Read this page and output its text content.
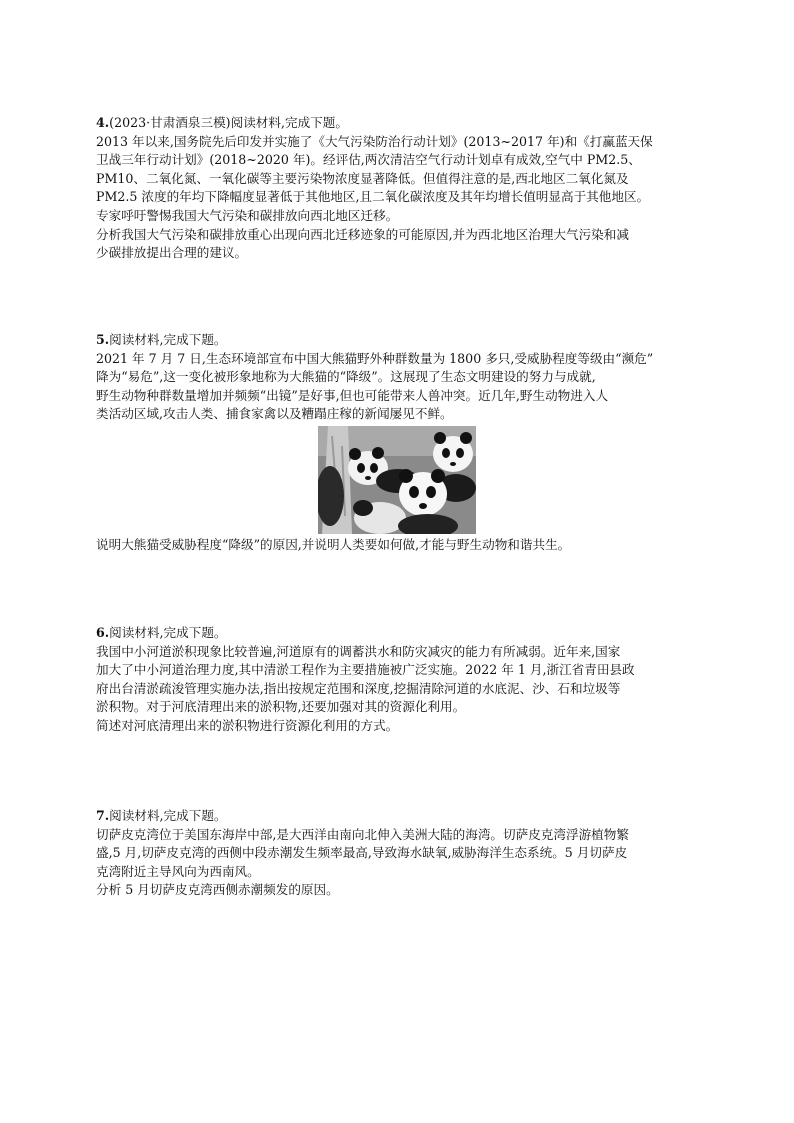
4.(2023·甘肃酒泉三模)阅读材料,完成下题。

2013 年以来,国务院先后印发并实施了《大气污染防治行动计划》(2013~2017 年)和《打赢蓝天保

卫战三年行动计划》(2018~2020 年)。经评估,两次清洁空气行动计划卓有成效,空气中 PM2.5、

PM10、二氧化氮、一氧化碳等主要污染物浓度显著降低。但值得注意的是,西北地区二氧化氮及

PM2.5 浓度的年均下降幅度显著低于其他地区,且二氧化碳浓度及其年均增长值明显高于其他地区。

专家呼吁警惕我国大气污染和碳排放向西北地区迁移。

分析我国大气污染和碳排放重心出现向西北迁移迹象的可能原因,并为西北地区治理大气污染和减

少碳排放提出合理的建议。

5.阅读材料,完成下题。

2021 年 7 月 7 日,生态环境部宣布中国大熊猫野外种群数量为 1800 多只,受威胁程度等级由“濒危”

降为“易危”,这一变化被形象地称为大熊猫的“降级”。这展现了生态文明建设的努力与成就,

野生动物种群数量增加并频频“出镜”是好事,但也可能带来人兽冲突。近几年,野生动物进入人

类活动区域,攻击人类、捕食家禽以及糟蹋庄稼的新闻屡见不鲜。

说明大熊猫受威胁程度“降级”的原因,并说明人类要如何做,才能与野生动物和谐共生。

6.阅读材料,完成下题。

我国中小河道淤积现象比较普遍,河道原有的调蓄洪水和防灾减灾的能力有所减弱。近年来,国家

加大了中小河道治理力度,其中清淤工程作为主要措施被广泛实施。2022 年 1 月,浙江省青田县政

府出台清淤疏浚管理实施办法,指出按规定范围和深度,挖掘清除河道的水底泥、沙、石和垃圾等

淤积物。对于河底清理出来的淤积物,还要加强对其的资源化利用。

简述对河底清理出来的淤积物进行资源化利用的方式。

7.阅读材料,完成下题。

切萨皮克湾位于美国东海岸中部,是大西洋由南向北伸入美洲大陆的海湾。切萨皮克湾浮游植物繁

盛,5 月,切萨皮克湾的西侧中段赤潮发生频率最高,导致海水缺氧,威胁海洋生态系统。5 月切萨皮

克湾附近主导风向为西南风。

分析 5 月切萨皮克湾西侧赤潮频发的原因。
